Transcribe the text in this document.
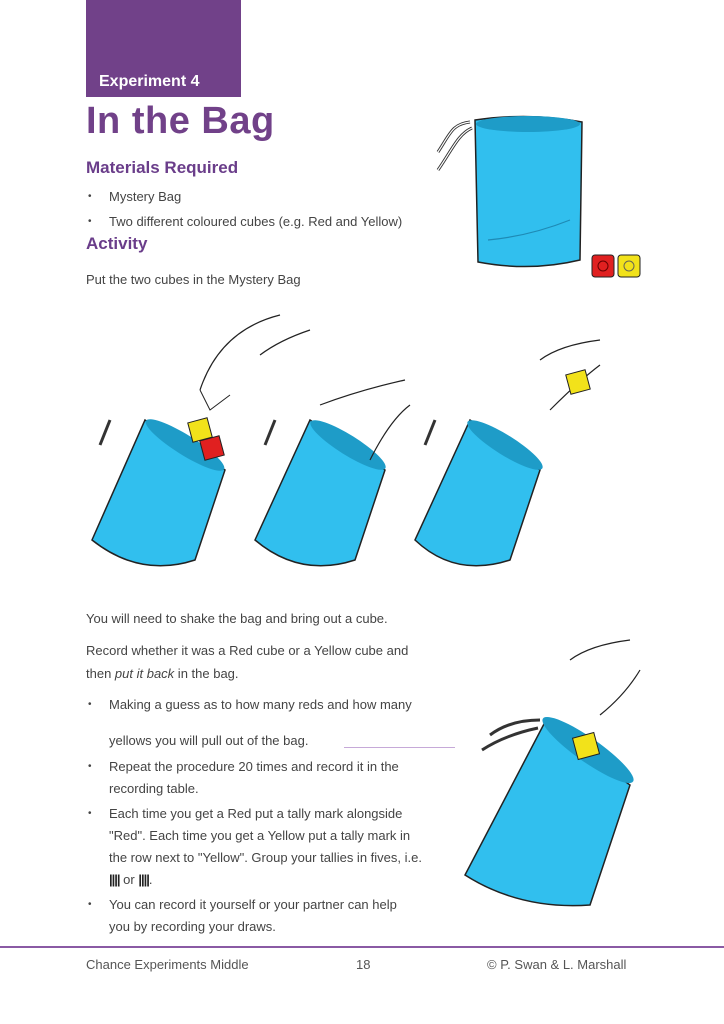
Experiment 4
In the Bag
Materials Required
• Mystery Bag
• Two different coloured cubes (e.g. Red and Yellow)
Activity
Put the two cubes in the Mystery Bag
You will need to shake the bag and bring out a cube.
Record whether it was a Red cube or a Yellow cube and
then put it back in the bag.
• Making a guess as to how many reds and how many
yellows you will pull out of the bag.
• Repeat the procedure 20 times and record it in the
recording table.
• Each time you get a Red put a tally mark alongside
"Red". Each time you get a Yellow put a tally mark in
the row next to "Yellow". Group your tallies in fives, i.e.
|||| or ||||.
• You can record it yourself or your partner can help
you by recording your draws.
Chance Experiments Middle	18	© P. Swan & L. Marshall
